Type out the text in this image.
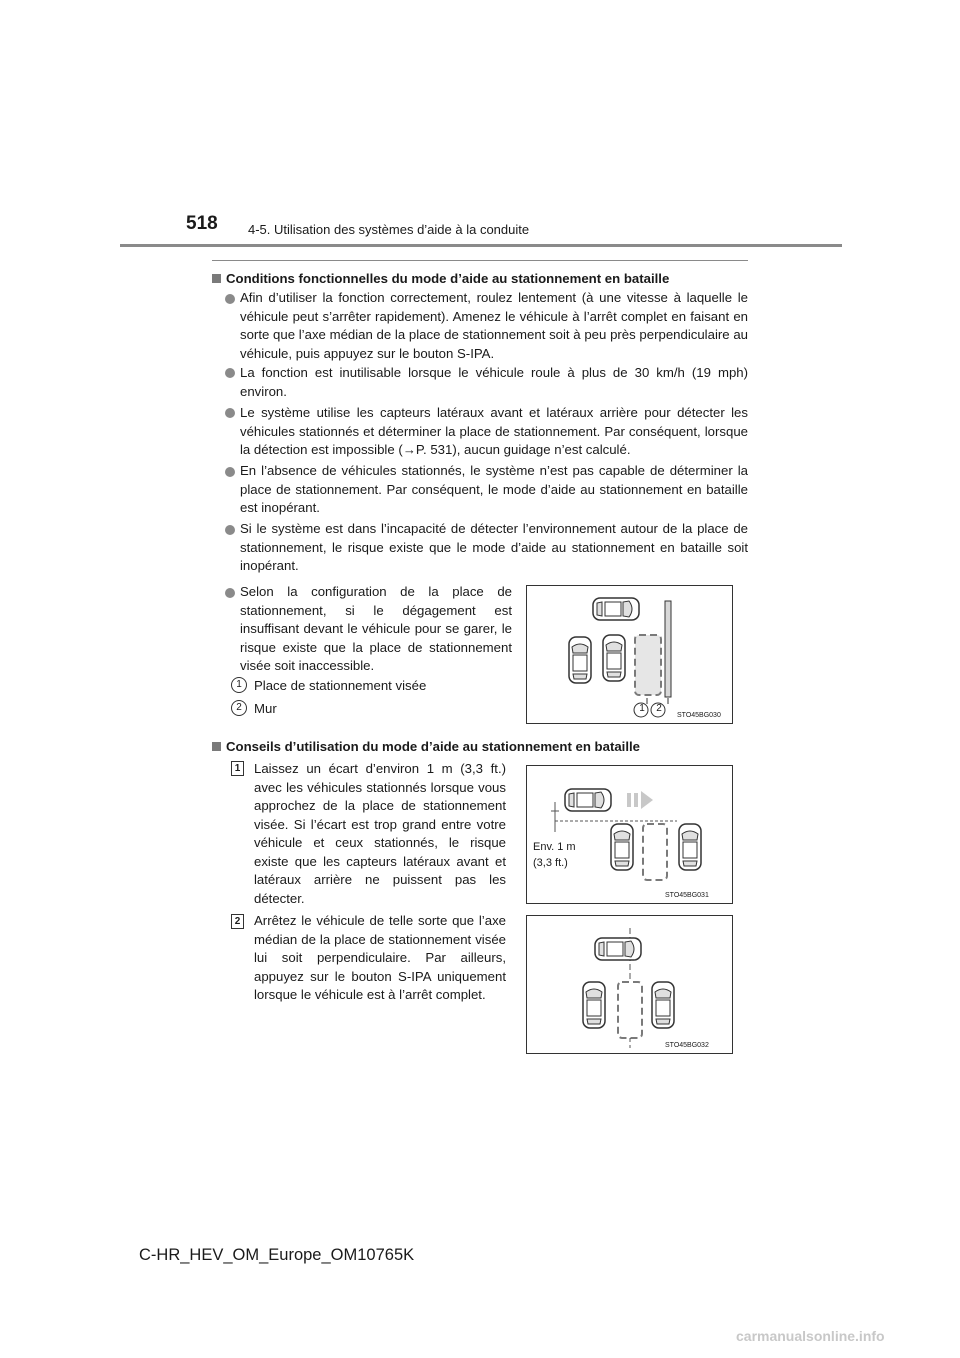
518 4-5. Utilisation des systèmes d’aide à la conduite
Conditions fonctionnelles du mode d’aide au stationnement en bataille
Afin d’utiliser la fonction correctement, roulez lentement (à une vitesse à laquelle le véhicule peut s’arrêter rapidement). Amenez le véhicule à l’arrêt complet en faisant en sorte que l’axe médian de la place de stationnement soit à peu près perpendiculaire au véhicule, puis appuyez sur le bouton S-IPA.
La fonction est inutilisable lorsque le véhicule roule à plus de 30 km/h (19 mph) environ.
Le système utilise les capteurs latéraux avant et latéraux arrière pour détecter les véhicules stationnés et déterminer la place de stationnement. Par conséquent, lorsque la détection est impossible (→P. 531), aucun guidage n’est calculé.
En l’absence de véhicules stationnés, le système n’est pas capable de déterminer la place de stationnement. Par conséquent, le mode d’aide au stationnement en bataille est inopérant.
Si le système est dans l’incapacité de détecter l’environnement autour de la place de stationnement, le risque existe que le mode d’aide au stationnement en bataille soit inopérant.
Selon la configuration de la place de stationnement, si le dégagement est insuffisant devant le véhicule pour se garer, le risque existe que la place de stationnement visée soit inaccessible.
1 Place de stationnement visée
2 Mur	1	2
STO45BG030
Conseils d’utilisation du mode d’aide au stationnement en bataille
1 Laissez un écart d’environ 1 m (3,3 ft.) avec les véhicules stationnés lorsque vous approchez de la place de stationnement visée. Si l’écart est trop grand entre votre véhicule et ceux stationnés, le risque existe que les capteurs latéraux avant et latéraux arrière ne puissent pas les détecter.
2 Arrêtez le véhicule de telle sorte que l’axe médian de la place de stationnement visée lui soit perpendiculaire. Par ailleurs, appuyez sur le bouton S-IPA uniquement lorsque le véhicule est à l’arrêt complet.
Env. 1 m
(3,3 ft.)
STO45BG031
STO45BG032
C-HR_HEV_OM_Europe_OM10765K
carmanualsonline.info
